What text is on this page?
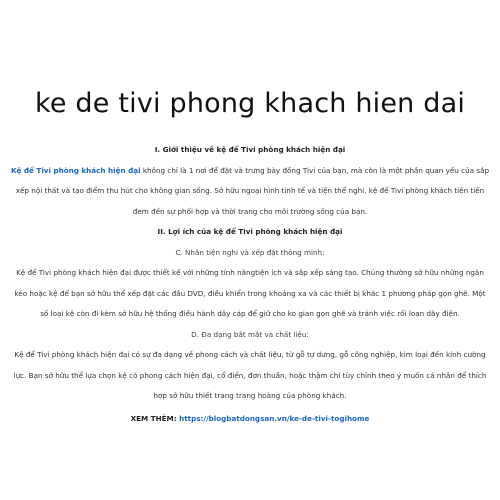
ke de tivi phong khach hien dai

I. Giới thiệu về kệ để Tivi phòng khách hiện đại

Kệ để Tivi phòng khách hiện đại không chỉ là 1 nơi để đặt và trưng bày đồng Tivi của bạn, mà còn là một phần quan yếu của sắp xếp nội thất và tạo điểm thu hút cho không gian sống. Sở hữu ngoại hình tinh tế và tiện thể nghi, kệ để Tivi phòng khách tiên tiến đem đến sự phối hợp và thời trang cho môi trường sống của bạn.

II. Lợi ích của kệ để Tivi phòng khách hiện đại

C. Nhãn tiện nghi và xếp đặt thông minh:

Kệ để Tivi phòng khách hiện đại được thiết kế với những tính năngtiện ích và sắp xếp sáng tạo. Chúng thường sở hữu những ngăn kéo hoặc kệ để bạn sở hữu thể xếp đặt các đầu DVD, điều khiển trong khoảng xa và các thiết bị khác 1 phương pháp gọn ghẽ. Một số loại kệ còn đi kèm sở hữu hệ thống điều hành dây cáp để giữ cho ko gian gọn ghẽ và tránh việc rối loạn dây điện.

D. Đa dạng bắt mắt và chất liệu:

Kệ để Tivi phòng khách hiện đại có sự đa dạng về phong cách và chất liệu, từ gỗ tự dưng, gỗ công nghiệp, kim loại đến kính cường lực. Bạn sở hữu thể lựa chọn kệ có phong cách hiện đại, cổ điển, đơn thuần, hoặc thậm chí tùy chỉnh theo ý muốn cá nhân để thích hợp sở hữu thiết trang trang hoàng của phòng khách.

XEM THÊM: https://blogbatdongsan.vn/ke-de-tivi-togihome
